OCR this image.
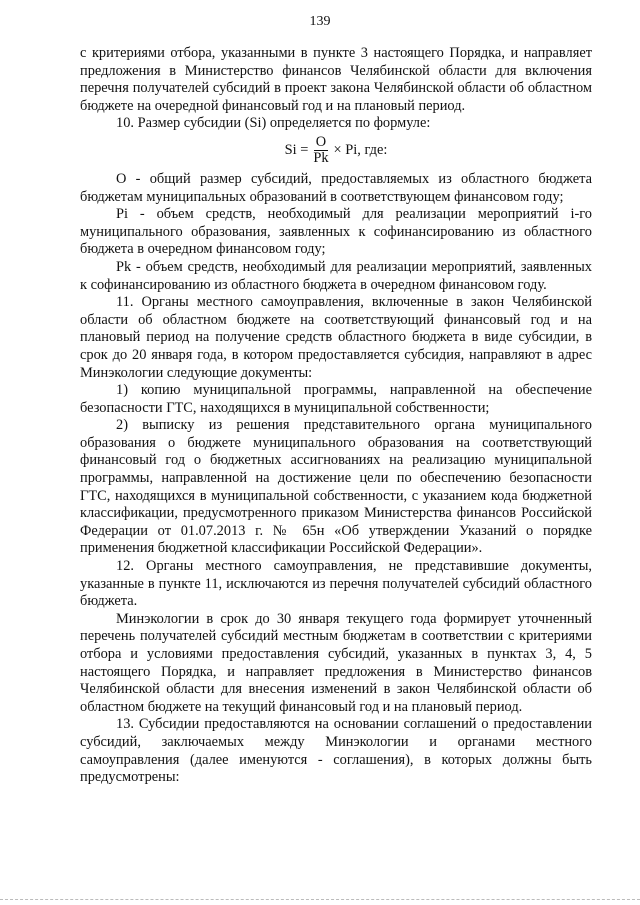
139

с критериями отбора, указанными в пункте 3 настоящего Порядка, и направляет предложения в Министерство финансов Челябинской области для включения перечня получателей субсидий в проект закона Челябинской области об областном бюджете на очередной финансовый год и на плановый период.

10. Размер субсидии (Si) определяется по формуле:

$Si = \frac{O}{Pk} \times Pi$, где:

О - общий размер субсидий, предоставляемых из областного бюджета бюджетам муниципальных образований в соответствующем финансовом году;

Pi - объем средств, необходимый для реализации мероприятий i-го муниципального образования, заявленных к софинансированию из областного бюджета в очередном финансовом году;

Pk - объем средств, необходимый для реализации мероприятий, заявленных к софинансированию из областного бюджета в очередном финансовом году.

11. Органы местного самоуправления, включенные в закон Челябинской области об областном бюджете на соответствующий финансовый год и на плановый период на получение средств областного бюджета в виде субсидии, в срок до 20 января года, в котором предоставляется субсидия, направляют в адрес Минэкологии следующие документы:

1) копию муниципальной программы, направленной на обеспечение безопасности ГТС, находящихся в муниципальной собственности;

2) выписку из решения представительного органа муниципального образования о бюджете муниципального образования на соответствующий финансовый год о бюджетных ассигнованиях на реализацию муниципальной программы, направленной на достижение цели по обеспечению безопасности ГТС, находящихся в муниципальной собственности, с указанием кода бюджетной классификации, предусмотренного приказом Министерства финансов Российской Федерации от 01.07.2013 г. № 65н «Об утверждении Указаний о порядке применения бюджетной классификации Российской Федерации».

12. Органы местного самоуправления, не представившие документы, указанные в пункте 11, исключаются из перечня получателей субсидий областного бюджета.

Минэкологии в срок до 30 января текущего года формирует уточненный перечень получателей субсидий местным бюджетам в соответствии с критериями отбора и условиями предоставления субсидий, указанных в пунктах 3, 4, 5 настоящего Порядка, и направляет предложения в Министерство финансов Челябинской области для внесения изменений в закон Челябинской области об областном бюджете на текущий финансовый год и на плановый период.

13. Субсидии предоставляются на основании соглашений о предоставлении субсидий, заключаемых между Минэкологии и органами местного самоуправления (далее именуются - соглашения), в которых должны быть предусмотрены:
